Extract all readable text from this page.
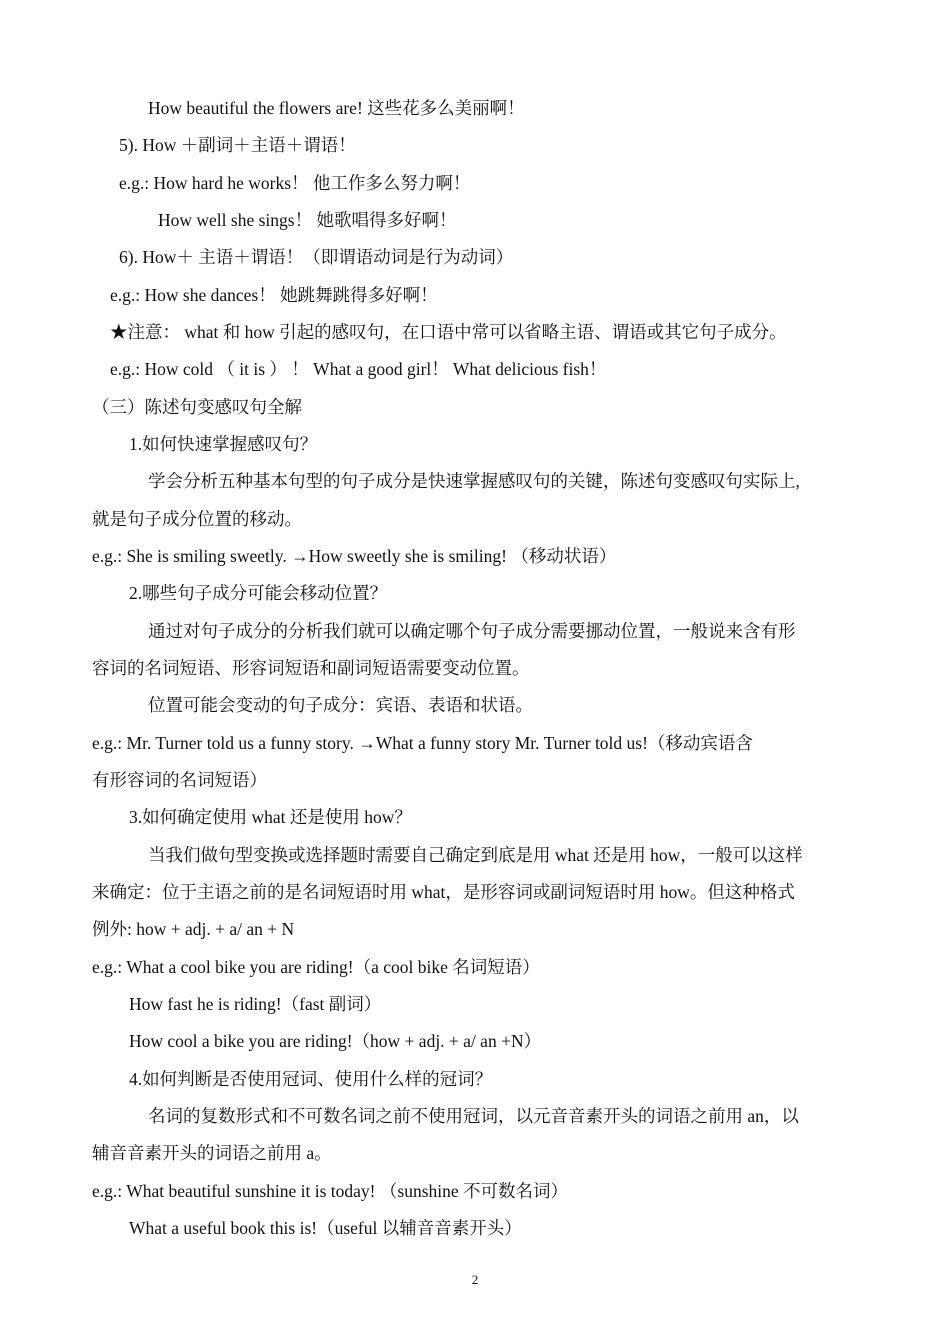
How beautiful the flowers are! 这些花多么美丽啊！
5). How ＋副词＋主语＋谓语！
e.g.: How hard he works！ 他工作多么努力啊！
How well she sings！ 她歌唱得多好啊！
6). How＋ 主语＋谓语！（即谓语动词是行为动词）
e.g.: How she dances！ 她跳舞跳得多好啊！
★注意： what 和 how 引起的感叹句，在口语中常可以省略主语、谓语或其它句子成分。
e.g.: How cold （ it is ） ！ What a good girl！ What delicious fish！
（三）陈述句变感叹句全解
1.如何快速掌握感叹句？
学会分析五种基本句型的句子成分是快速掌握感叹句的关键，陈述句变感叹句实际上,
就是句子成分位置的移动。
e.g.: She is smiling sweetly. →How sweetly she is smiling! （移动状语）
2.哪些句子成分可能会移动位置？
通过对句子成分的分析我们就可以确定哪个句子成分需要挪动位置，一般说来含有形
容词的名词短语、形容词短语和副词短语需要变动位置。
位置可能会变动的句子成分：宾语、表语和状语。
e.g.: Mr. Turner told us a funny story. →What a funny story Mr. Turner told us!（移动宾语含
有形容词的名词短语）
3.如何确定使用 what 还是使用 how？
当我们做句型变换或选择题时需要自己确定到底是用 what 还是用 how，一般可以这样
来确定：位于主语之前的是名词短语时用 what，是形容词或副词短语时用 how。但这种格式
例外: how + adj. + a/ an + N
e.g.: What a cool bike you are riding!（a cool bike 名词短语）
How fast he is riding!（fast 副词）
How cool a bike you are riding!（how + adj. + a/ an +N）
4.如何判断是否使用冠词、使用什么样的冠词？
名词的复数形式和不可数名词之前不使用冠词，以元音音素开头的词语之前用 an，以
辅音音素开头的词语之前用 a。
e.g.: What beautiful sunshine it is today! （sunshine 不可数名词）
What a useful book this is!（useful 以辅音音素开头）
2
